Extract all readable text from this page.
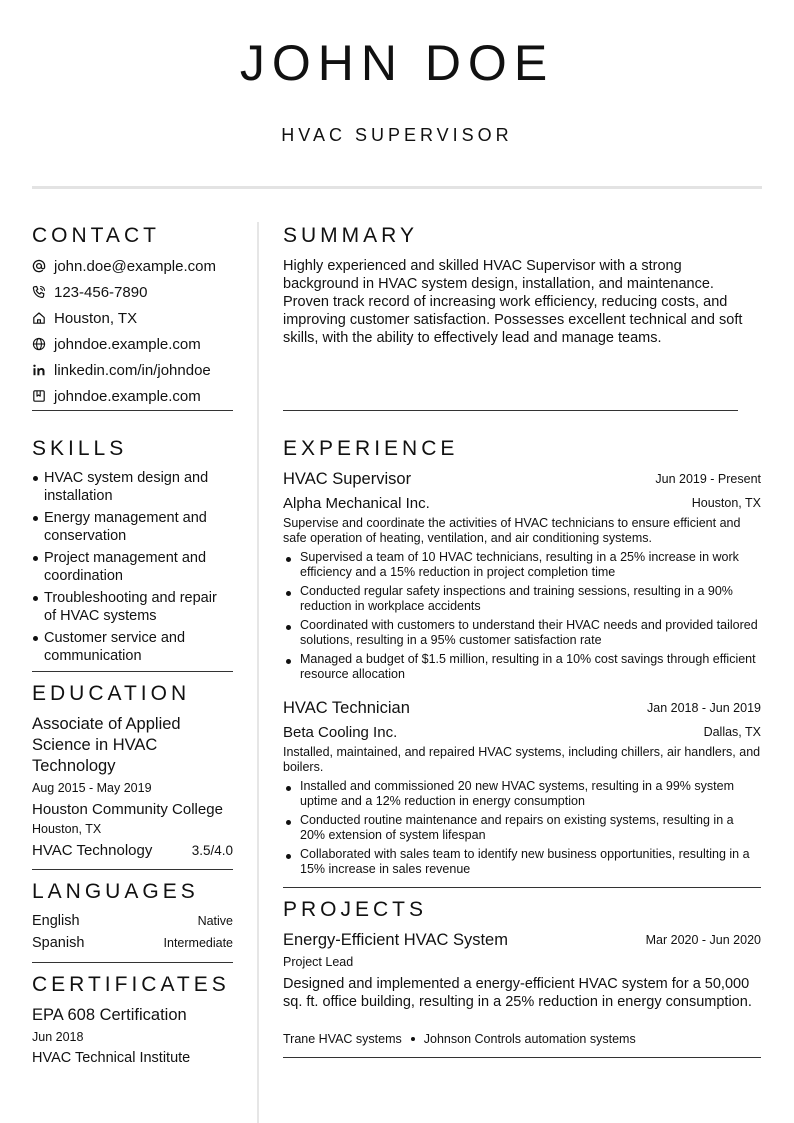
JOHN DOE
HVAC SUPERVISOR
CONTACT
john.doe@example.com
123-456-7890
Houston, TX
johndoe.example.com
linkedin.com/in/johndoe
johndoe.example.com
SUMMARY
Highly experienced and skilled HVAC Supervisor with a strong background in HVAC system design, installation, and maintenance. Proven track record of increasing work efficiency, reducing costs, and improving customer satisfaction. Possesses excellent technical and soft skills, with the ability to effectively lead and manage teams.
SKILLS
HVAC system design and installation
Energy management and conservation
Project management and coordination
Troubleshooting and repair of HVAC systems
Customer service and communication
EDUCATION
Associate of Applied Science in HVAC Technology
Aug 2015 - May 2019
Houston Community College
Houston, TX
HVAC Technology	3.5/4.0
LANGUAGES
English	Native
Spanish	Intermediate
CERTIFICATES
EPA 608 Certification
Jun 2018
HVAC Technical Institute
EXPERIENCE
HVAC Supervisor	Jun 2019 - Present
Alpha Mechanical Inc.	Houston, TX
Supervise and coordinate the activities of HVAC technicians to ensure efficient and safe operation of heating, ventilation, and air conditioning systems.
Supervised a team of 10 HVAC technicians, resulting in a 25% increase in work efficiency and a 15% reduction in project completion time
Conducted regular safety inspections and training sessions, resulting in a 90% reduction in workplace accidents
Coordinated with customers to understand their HVAC needs and provided tailored solutions, resulting in a 95% customer satisfaction rate
Managed a budget of $1.5 million, resulting in a 10% cost savings through efficient resource allocation
HVAC Technician	Jan 2018 - Jun 2019
Beta Cooling Inc.	Dallas, TX
Installed, maintained, and repaired HVAC systems, including chillers, air handlers, and boilers.
Installed and commissioned 20 new HVAC systems, resulting in a 99% system uptime and a 12% reduction in energy consumption
Conducted routine maintenance and repairs on existing systems, resulting in a 20% extension of system lifespan
Collaborated with sales team to identify new business opportunities, resulting in a 15% increase in sales revenue
PROJECTS
Energy-Efficient HVAC System	Mar 2020 - Jun 2020
Project Lead
Designed and implemented a energy-efficient HVAC system for a 50,000 sq. ft. office building, resulting in a 25% reduction in energy consumption.
Trane HVAC systems Johnson Controls automation systems
